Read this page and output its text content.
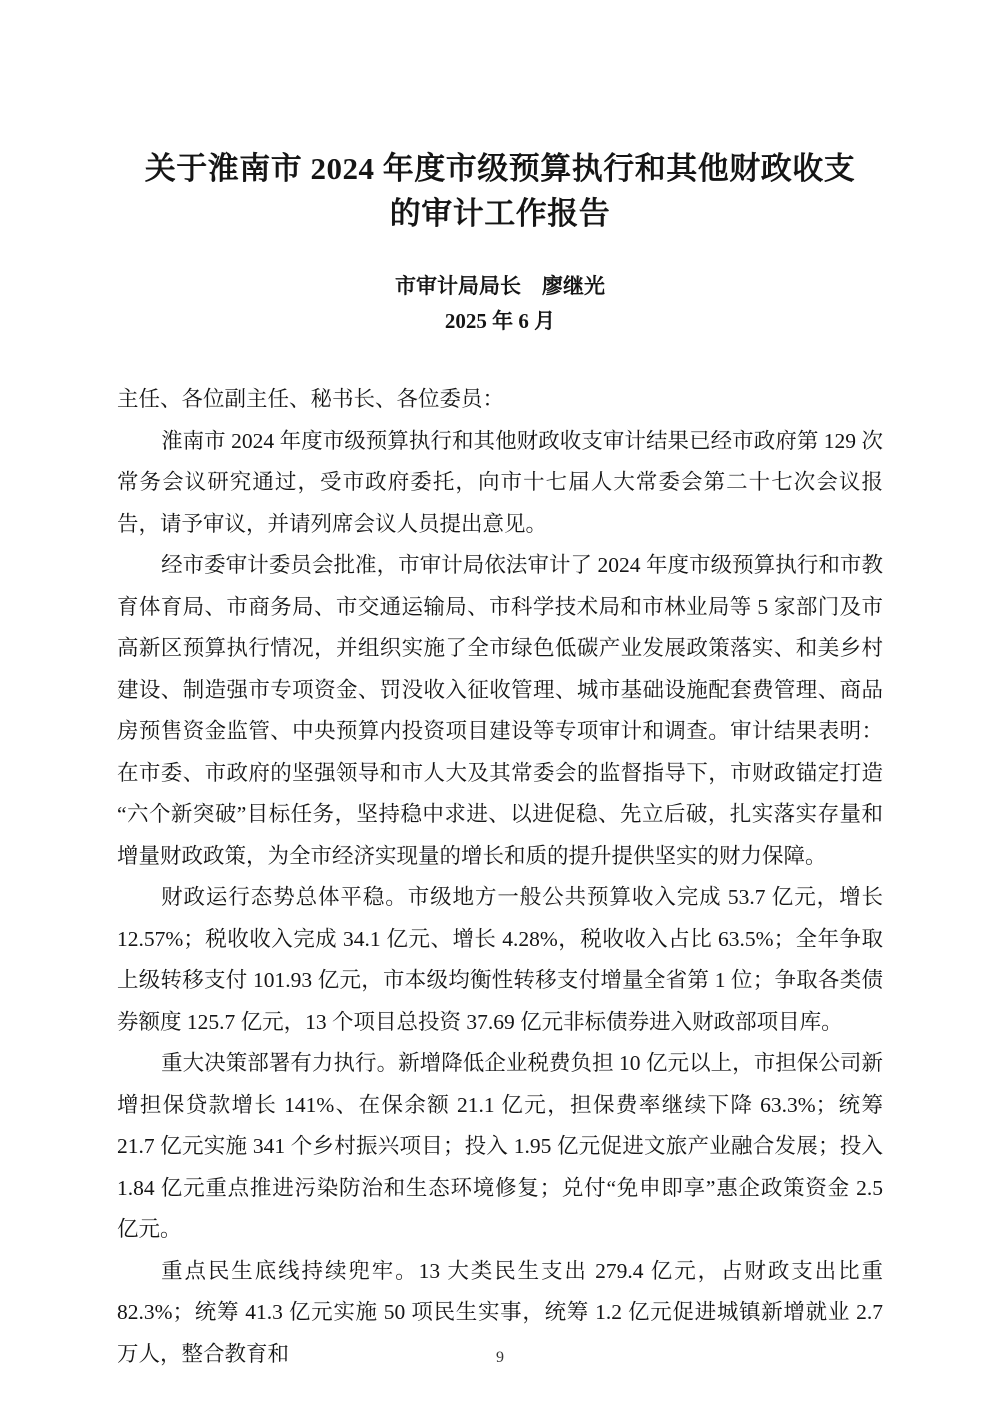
关于淮南市 2024 年度市级预算执行和其他财政收支
的审计工作报告
市审计局局长　廖继光
2025 年 6 月

主任、各位副主任、秘书长、各位委员：

淮南市 2024 年度市级预算执行和其他财政收支审计结果已经市政府第 129 次常务会议研究通过，受市政府委托，向市十七届人大常委会第二十七次会议报告，请予审议，并请列席会议人员提出意见。

经市委审计委员会批准，市审计局依法审计了 2024 年度市级预算执行和市教育体育局、市商务局、市交通运输局、市科学技术局和市林业局等 5 家部门及市高新区预算执行情况，并组织实施了全市绿色低碳产业发展政策落实、和美乡村建设、制造强市专项资金、罚没收入征收管理、城市基础设施配套费管理、商品房预售资金监管、中央预算内投资项目建设等专项审计和调查。审计结果表明：在市委、市政府的坚强领导和市人大及其常委会的监督指导下，市财政锚定打造“六个新突破”目标任务，坚持稳中求进、以进促稳、先立后破，扎实落实存量和增量财政政策，为全市经济实现量的增长和质的提升提供坚实的财力保障。

财政运行态势总体平稳。市级地方一般公共预算收入完成 53.7 亿元，增长 12.57%；税收收入完成 34.1 亿元、增长 4.28%，税收收入占比 63.5%；全年争取上级转移支付 101.93 亿元，市本级均衡性转移支付增量全省第 1 位；争取各类债券额度 125.7 亿元，13 个项目总投资 37.69 亿元非标债券进入财政部项目库。

重大决策部署有力执行。新增降低企业税费负担 10 亿元以上，市担保公司新增担保贷款增长 141%、在保余额 21.1 亿元，担保费率继续下降 63.3%；统筹 21.7 亿元实施 341 个乡村振兴项目；投入 1.95 亿元促进文旅产业融合发展；投入 1.84 亿元重点推进污染防治和生态环境修复；兑付“免申即享”惠企政策资金 2.5 亿元。

重点民生底线持续兜牢。13 大类民生支出 279.4 亿元，占财政支出比重 82.3%；统筹 41.3 亿元实施 50 项民生实事，统筹 1.2 亿元促进城镇新增就业 2.7 万人，整合教育和	9
